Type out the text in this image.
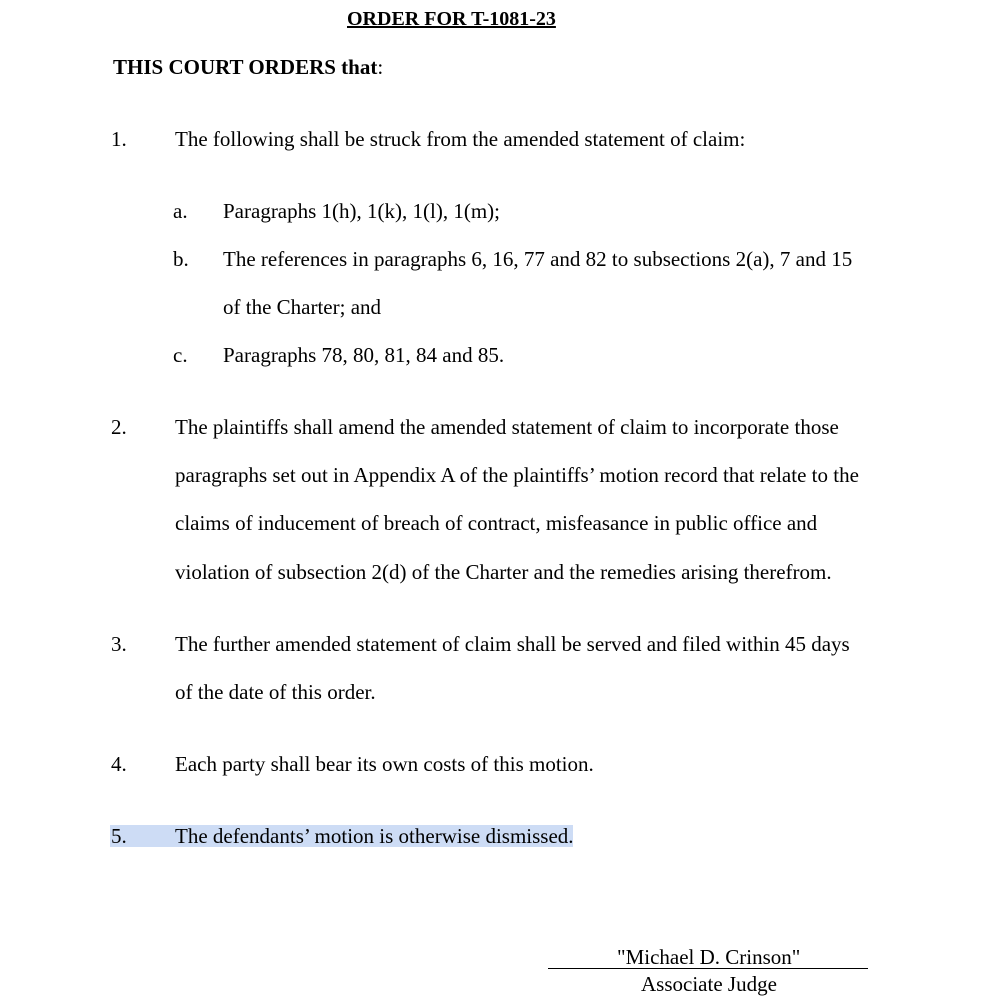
ORDER FOR T-1081-23
THIS COURT ORDERS that:
1. The following shall be struck from the amended statement of claim:
a. Paragraphs 1(h), 1(k), 1(l), 1(m);
b. The references in paragraphs 6, 16, 77 and 82 to subsections 2(a), 7 and 15
of the Charter; and
c. Paragraphs 78, 80, 81, 84 and 85.
2. The plaintiffs shall amend the amended statement of claim to incorporate those
paragraphs set out in Appendix A of the plaintiffs’ motion record that relate to the
claims of inducement of breach of contract, misfeasance in public office and
violation of subsection 2(d) of the Charter and the remedies arising therefrom.
3. The further amended statement of claim shall be served and filed within 45 days
of the date of this order.
4. Each party shall bear its own costs of this motion.
5. The defendants’ motion is otherwise dismissed.
"Michael D. Crinson"
Associate Judge
